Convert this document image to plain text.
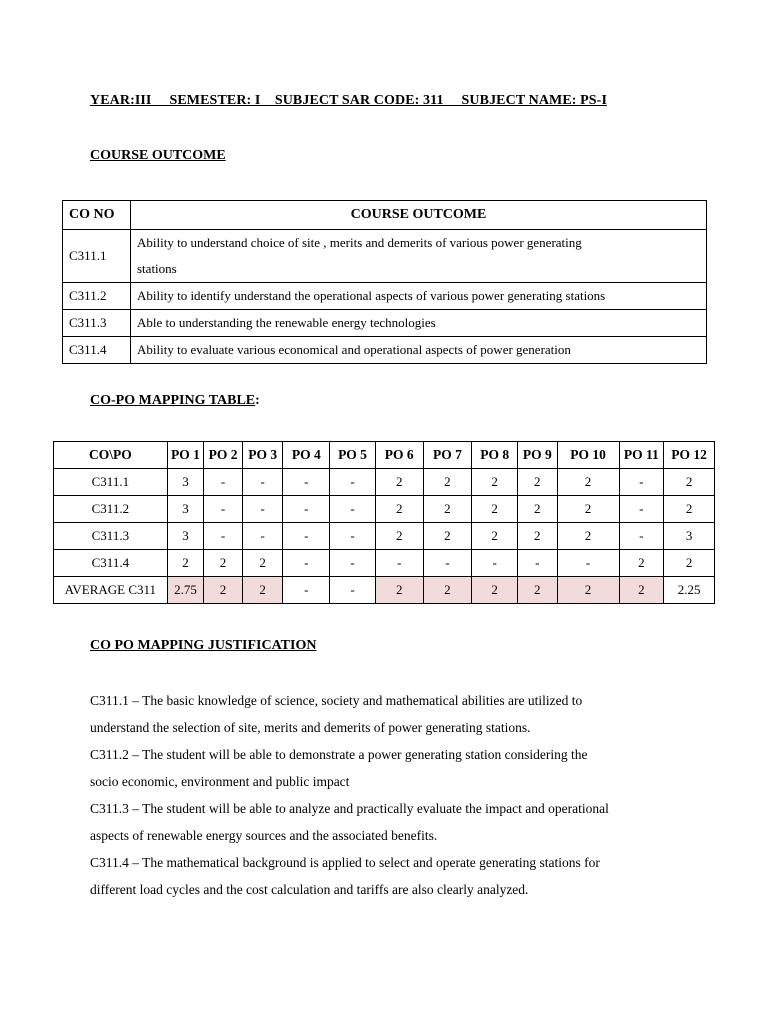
YEAR:III     SEMESTER: I    SUBJECT SAR CODE: 311     SUBJECT NAME: PS-I
COURSE OUTCOME
CO NO	COURSE OUTCOME
C311.1	Ability to understand choice of site , merits and demerits of various power generating
stations
C311.2	Ability to identify understand the operational aspects of various power generating stations
C311.3	Able to understanding the renewable energy technologies
C311.4	Ability to evaluate various economical and operational aspects of power generation
CO-PO MAPPING TABLE:
CO\PO	PO 1	PO 2	PO 3	PO 4	PO 5	PO 6	PO 7	PO 8	PO 9	PO 10	PO 11	PO 12
C311.1	3	-	-	-	-	2	2	2	2	2	-	2
C311.2	3	-	-	-	-	2	2	2	2	2	-	2
C311.3	3	-	-	-	-	2	2	2	2	2	-	3
C311.4	2	2	2	-	-	-	-	-	-	-	2	2
AVERAGE C311	2.75	2	2	-	-	2	2	2	2	2	2	2.25
CO PO MAPPING JUSTIFICATION

C311.1 – The basic knowledge of science, society and mathematical abilities are utilized to
understand the selection of site, merits and demerits of power generating stations.

C311.2 – The student will be able to demonstrate a power generating station considering the
socio economic, environment and public impact

C311.3 – The student will be able to analyze and practically evaluate the impact and operational
aspects of renewable energy sources and the associated benefits.

C311.4 – The mathematical background is applied to select and operate generating stations for
different load cycles and the cost calculation and tariffs are also clearly analyzed.
